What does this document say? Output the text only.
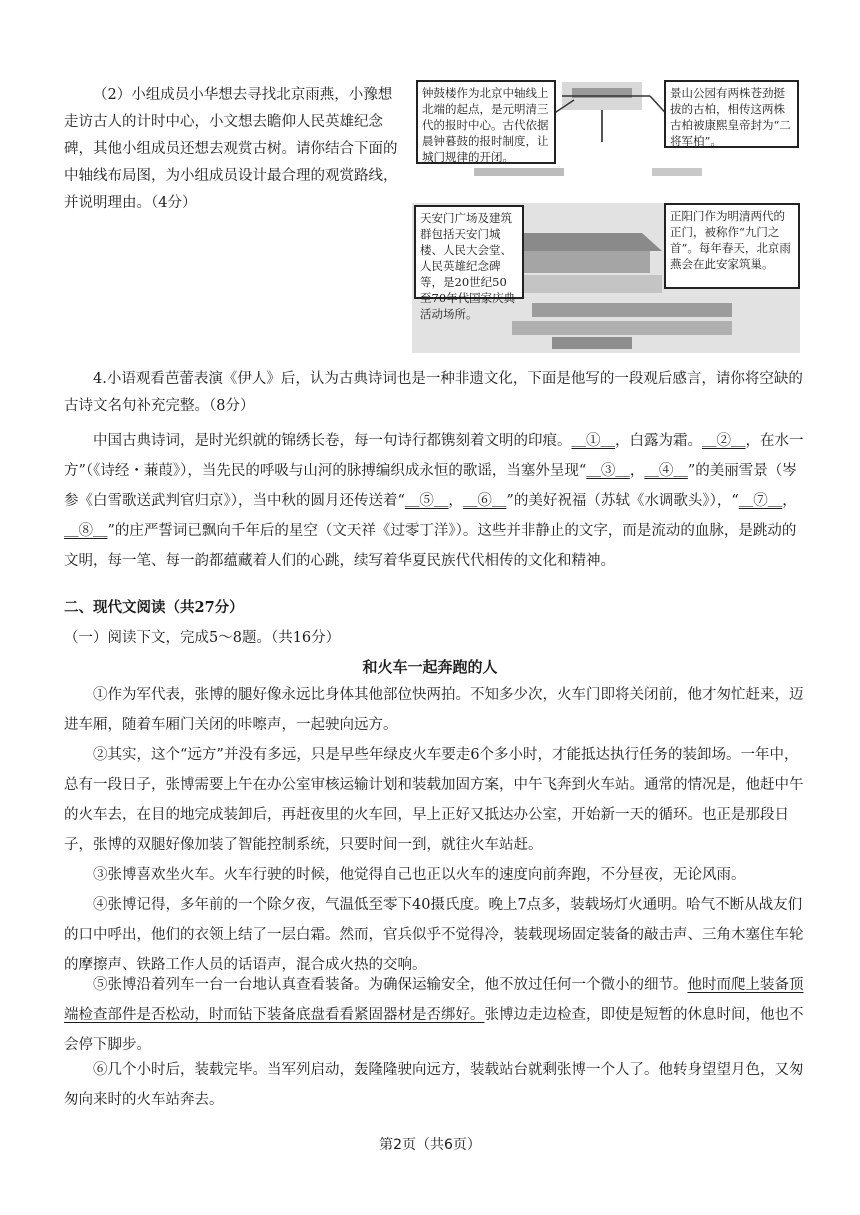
（2）小组成员小华想去寻找北京雨燕，小豫想走访古人的计时中心，小文想去瞻仰人民英雄纪念碑，其他小组成员还想去观赏古树。请你结合下面的中轴线布局图，为小组成员设计最合理的观赏路线，并说明理由。（4分）
钟鼓楼作为北京中轴线上北端的起点，是元明清三代的报时中心。古代依据晨钟暮鼓的报时制度，让城门规律的开闭。
景山公园有两株苍劲挺拔的古柏，相传这两株古柏被康熙皇帝封为“二将军柏”。
天安门广场及建筑群包括天安门城楼、人民大会堂、人民英雄纪念碑等，是20世纪50至70年代国家庆典活动场所。
正阳门作为明清两代的正门，被称作“九门之首”。每年春天，北京雨燕会在此安家筑巢。
4.小语观看芭蕾表演《伊人》后，认为古典诗词也是一种非遗文化，下面是他写的一段观后感言，请你将空缺的古诗文名句补充完整。（8分）
中国古典诗词，是时光织就的锦绣长卷，每一句诗行都镌刻着文明的印痕。＿①＿，白露为霜。＿②＿，在水一方”（《诗经・蒹葭》），当先民的呼吸与山河的脉搏编织成永恒的歌谣，当塞外呈现“＿③＿，＿④＿”的美丽雪景（岑参《白雪歌送武判官归京》），当中秋的圆月还传送着“＿⑤＿，＿⑥＿”的美好祝福（苏轼《水调歌头》），“＿⑦＿，＿⑧＿”的庄严誓词已飘向千年后的星空（文天祥《过零丁洋》）。这些并非静止的文字，而是流动的血脉，是跳动的文明，每一笔、每一韵都蕴藏着人们的心跳，续写着华夏民族代代相传的文化和精神。
二、现代文阅读（共27分）
（一）阅读下文，完成5～8题。（共16分）
和火车一起奔跑的人
①作为军代表，张博的腿好像永远比身体其他部位快两拍。不知多少次，火车门即将关闭前，他才匆忙赶来，迈进车厢，随着车厢门关闭的咔嚓声，一起驶向远方。
②其实，这个“远方”并没有多远，只是早些年绿皮火车要走6个多小时，才能抵达执行任务的装卸场。一年中，总有一段日子，张博需要上午在办公室审核运输计划和装载加固方案，中午飞奔到火车站。通常的情况是，他赶中午的火车去，在目的地完成装卸后，再赶夜里的火车回，早上正好又抵达办公室，开始新一天的循环。也正是那段日子，张博的双腿好像加装了智能控制系统，只要时间一到，就往火车站赶。
③张博喜欢坐火车。火车行驶的时候，他觉得自己也正以火车的速度向前奔跑，不分昼夜，无论风雨。
④张博记得，多年前的一个除夕夜，气温低至零下40摄氏度。晚上7点多，装载场灯火通明。哈气不断从战友们的口中呼出，他们的衣领上结了一层白霜。然而，官兵似乎不觉得冷，装载现场固定装备的敲击声、三角木塞住车轮的摩擦声、铁路工作人员的话语声，混合成火热的交响。
⑤张博沿着列车一台一台地认真查看装备。为确保运输安全，他不放过任何一个微小的细节。他时而爬上装备顶端检查部件是否松动，时而钻下装备底盘看看紧固器材是否绑好。张博边走边检查，即使是短暂的休息时间，他也不会停下脚步。
⑥几个小时后，装载完毕。当军列启动，轰隆隆驶向远方，装载站台就剩张博一个人了。他转身望望月色，又匆匆向来时的火车站奔去。
第2页（共6页）
